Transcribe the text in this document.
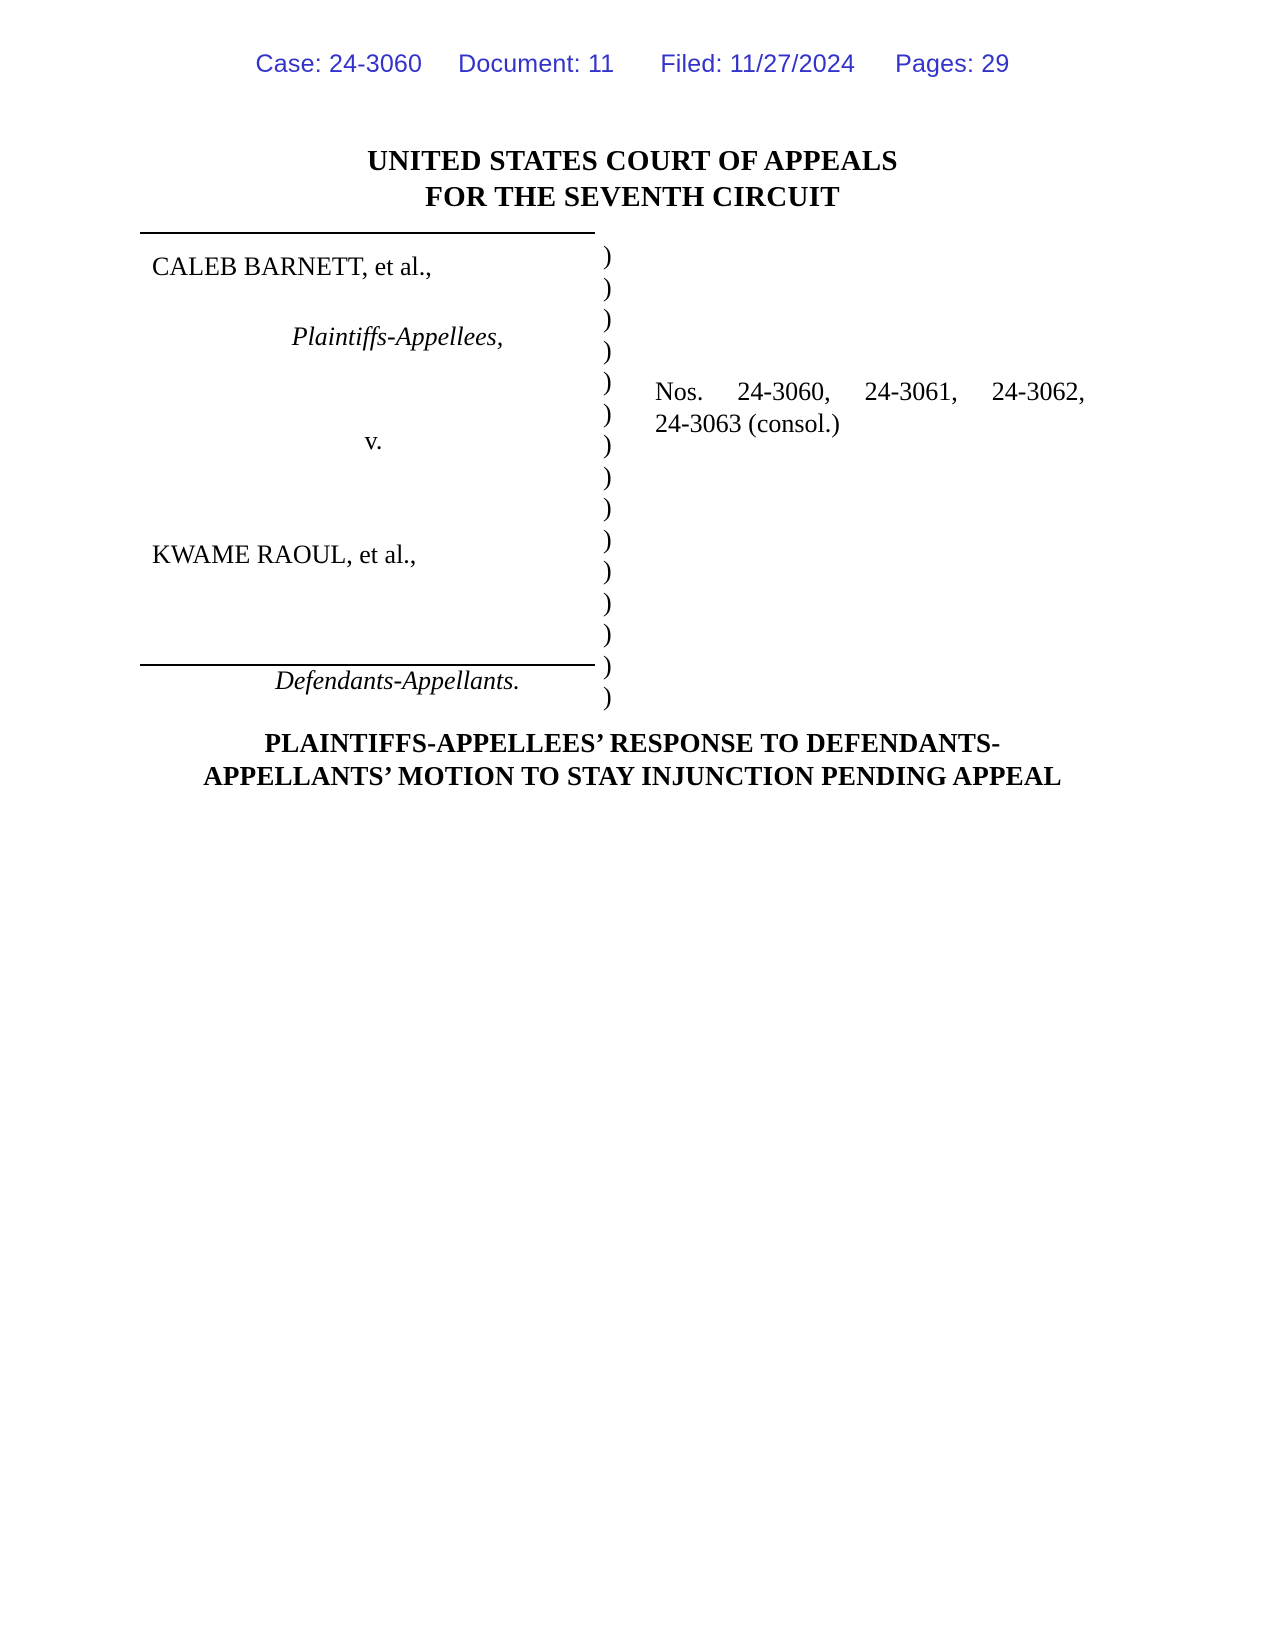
Case: 24-3060 Document: 11 Filed: 11/27/2024 Pages: 29
UNITED STATES COURT OF APPEALS
FOR THE SEVENTH CIRCUIT
CALEB BARNETT, et al.,
Plaintiffs-Appellees,
v.
KWAME RAOUL, et al.,
Defendants-Appellants.
)
)
)
)
)
)
)
)
)
)
)
)
)
)
)
Nos. 24-3060, 24-3061, 24-3062,
24-3063 (consol.)
PLAINTIFFS-APPELLEES’ RESPONSE TO DEFENDANTS-
APPELLANTS’ MOTION TO STAY INJUNCTION PENDING APPEAL
